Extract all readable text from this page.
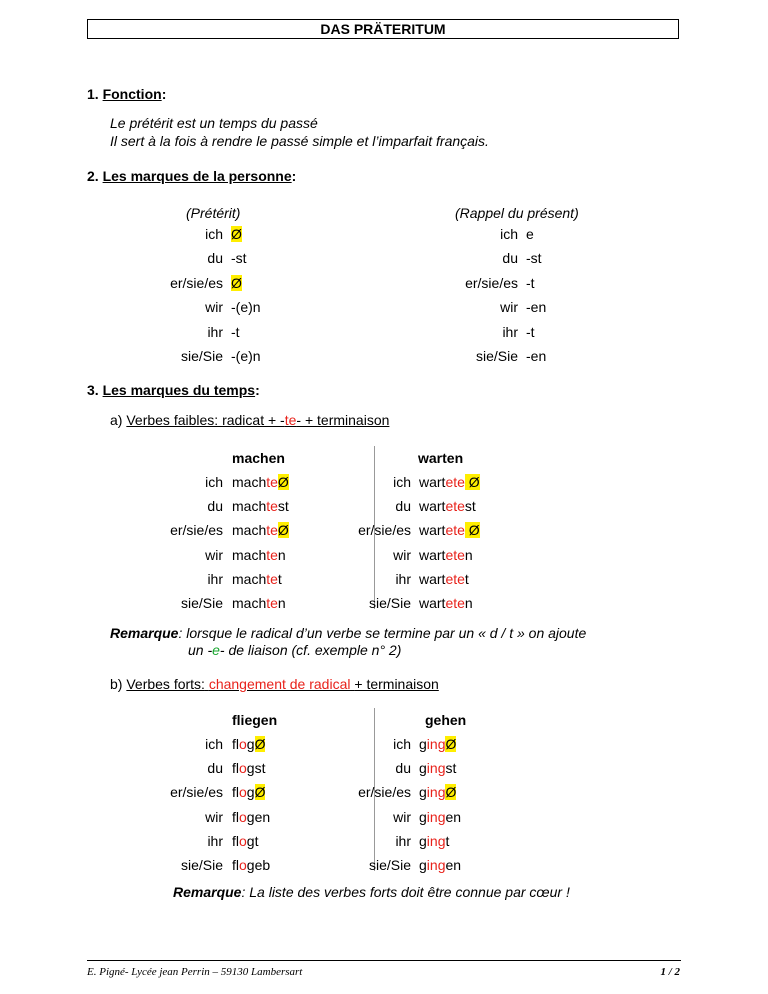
DAS PRÄTERITUM
1. Fonction:
Le prétérit est un temps du passé
Il sert à la fois à rendre le passé simple et l’imparfait français.
2. Les marques de la personne:
(Prétérit)	(Rappel du présent)
ich Ø	ich e
du -st	du -st
er/sie/es Ø	er/sie/es -t
wir -(e)n	wir -en
ihr -t	ihr -t
sie/Sie -(e)n	sie/Sie -en
3. Les marques du temps:
a) Verbes faibles: radicat + -te- + terminaison
machen	warten
ich machteØ	ich wartete Ø
du machtest	du wartetest
er/sie/es machteØ	er/sie/es wartete Ø
wir machten	wir warteten
ihr machtet	ihr wartetet
sie/Sie machten	sie/Sie warteten
Remarque: lorsque le radical d’un verbe se termine par un « d / t » on ajoute
un -e- de liaison (cf. exemple n° 2)
b) Verbes forts: changement de radical + terminaison
fliegen	gehen
ich flogØ	ich gingØ
du flogst	du gingst
er/sie/es flogØ	er/sie/es gingØ
wir flogen	wir gingen
ihr flogt	ihr gingt
sie/Sie flogeb	sie/Sie gingen
Remarque: La liste des verbes forts doit être connue par cœur !
E. Pigné- Lycée jean Perrin – 59130 Lambersart	1 / 2
